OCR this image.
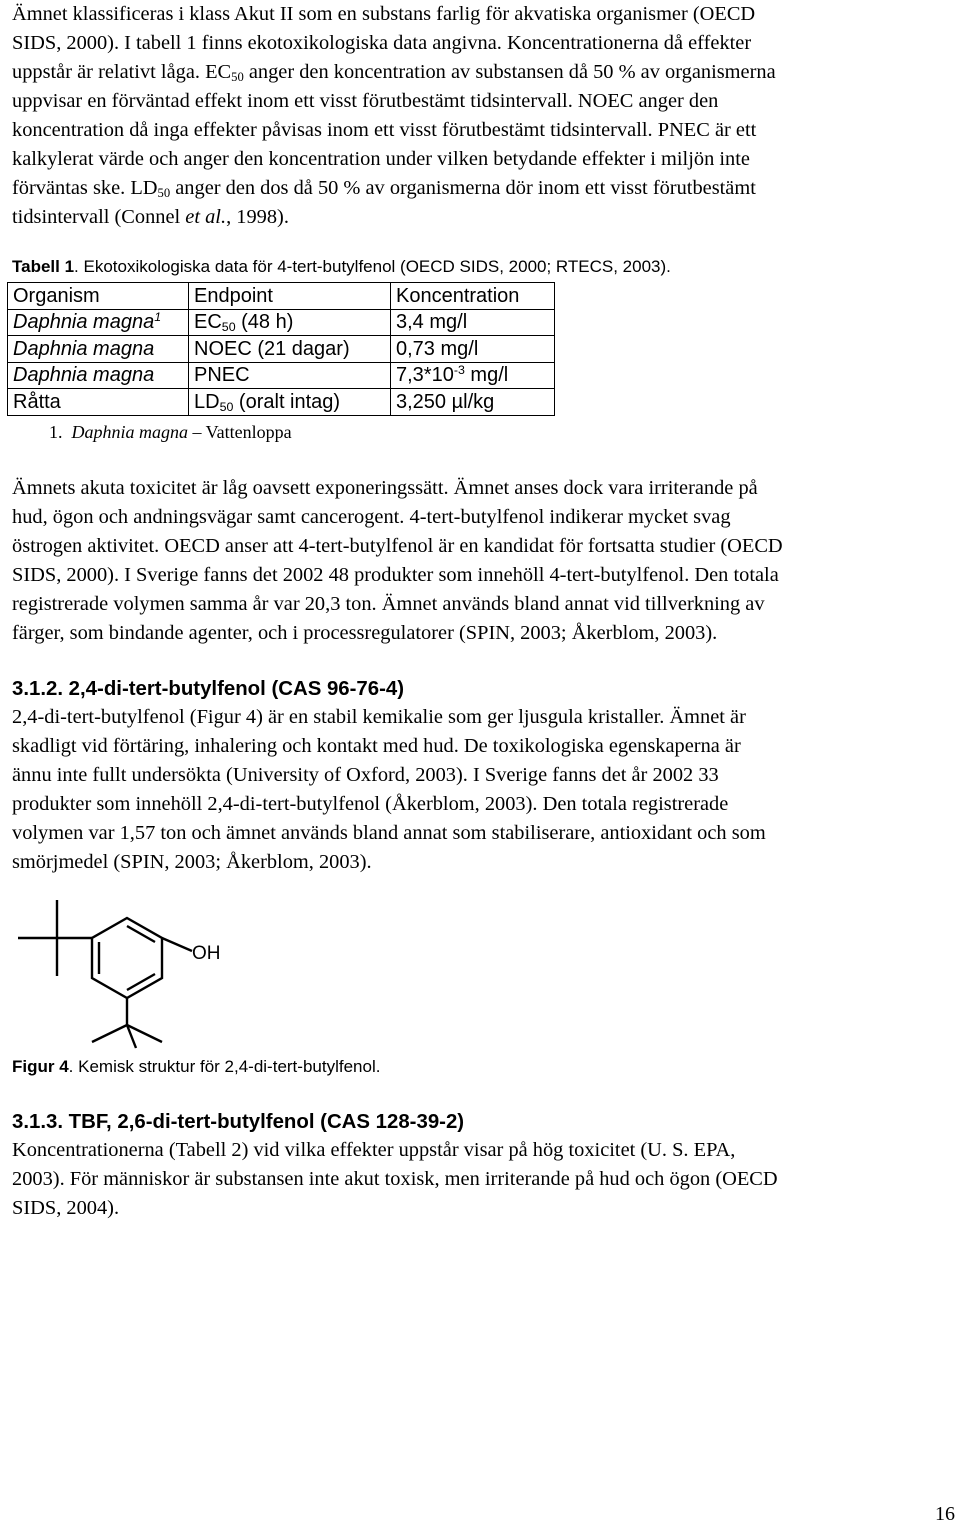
Ämnet klassificeras i klass Akut II som en substans farlig för akvatiska organismer (OECD
SIDS, 2000). I tabell 1 finns ekotoxikologiska data angivna. Koncentrationerna då effekter
uppstår är relativt låga. $EC_{50}$ anger den koncentration av substansen då 50 % av organismerna
uppvisar en förväntad effekt inom ett visst förutbestämt tidsintervall. NOEC anger den
koncentration då inga effekter påvisas inom ett visst förutbestämt tidsintervall. PNEC är ett
kalkylerat värde och anger den koncentration under vilken betydande effekter i miljön inte
förväntas ske. $LD_{50}$ anger den dos då 50 % av organismerna dör inom ett visst förutbestämt
tidsintervall (Connel et al., 1998).
Tabell 1. Ekotoxikologiska data för 4-tert-butylfenol (OECD SIDS, 2000; RTECS, 2003).
Organism	Endpoint	Koncentration
Daphnia magna$^1$	$EC_{50}$ (48 h)	3,4 mg/l
Daphnia magna	NOEC (21 dagar)	0,73 mg/l
Daphnia magna	PNEC	$7,3*10^{-3}$ mg/l
Råtta	$LD_{50}$ (oralt intag)	3,250 µl/kg
1. Daphnia magna – Vattenloppa
Ämnets akuta toxicitet är låg oavsett exponeringssätt. Ämnet anses dock vara irriterande på
hud, ögon och andningsvägar samt cancerogent. 4-tert-butylfenol indikerar mycket svag
östrogen aktivitet. OECD anser att 4-tert-butylfenol är en kandidat för fortsatta studier (OECD
SIDS, 2000). I Sverige fanns det 2002 48 produkter som innehöll 4-tert-butylfenol. Den totala
registrerade volymen samma år var 20,3 ton. Ämnet används bland annat vid tillverkning av
färger, som bindande agenter, och i processregulatorer (SPIN, 2003; Åkerblom, 2003).
3.1.2. 2,4-di-tert-butylfenol (CAS 96-76-4)
2,4-di-tert-butylfenol (Figur 4) är en stabil kemikalie som ger ljusgula kristaller. Ämnet är
skadligt vid förtäring, inhalering och kontakt med hud. De toxikologiska egenskaperna är
ännu inte fullt undersökta (University of Oxford, 2003). I Sverige fanns det år 2002 33
produkter som innehöll 2,4-di-tert-butylfenol (Åkerblom, 2003). Den totala registrerade
volymen var 1,57 ton och ämnet används bland annat som stabiliserare, antioxidant och som
smörjmedel (SPIN, 2003; Åkerblom, 2003).
OH
Figur 4. Kemisk struktur för 2,4-di-tert-butylfenol.
3.1.3. TBF, 2,6-di-tert-butylfenol (CAS 128-39-2)
Koncentrationerna (Tabell 2) vid vilka effekter uppstår visar på hög toxicitet (U. S. EPA,
2003). För människor är substansen inte akut toxisk, men irriterande på hud och ögon (OECD
SIDS, 2004).
16
